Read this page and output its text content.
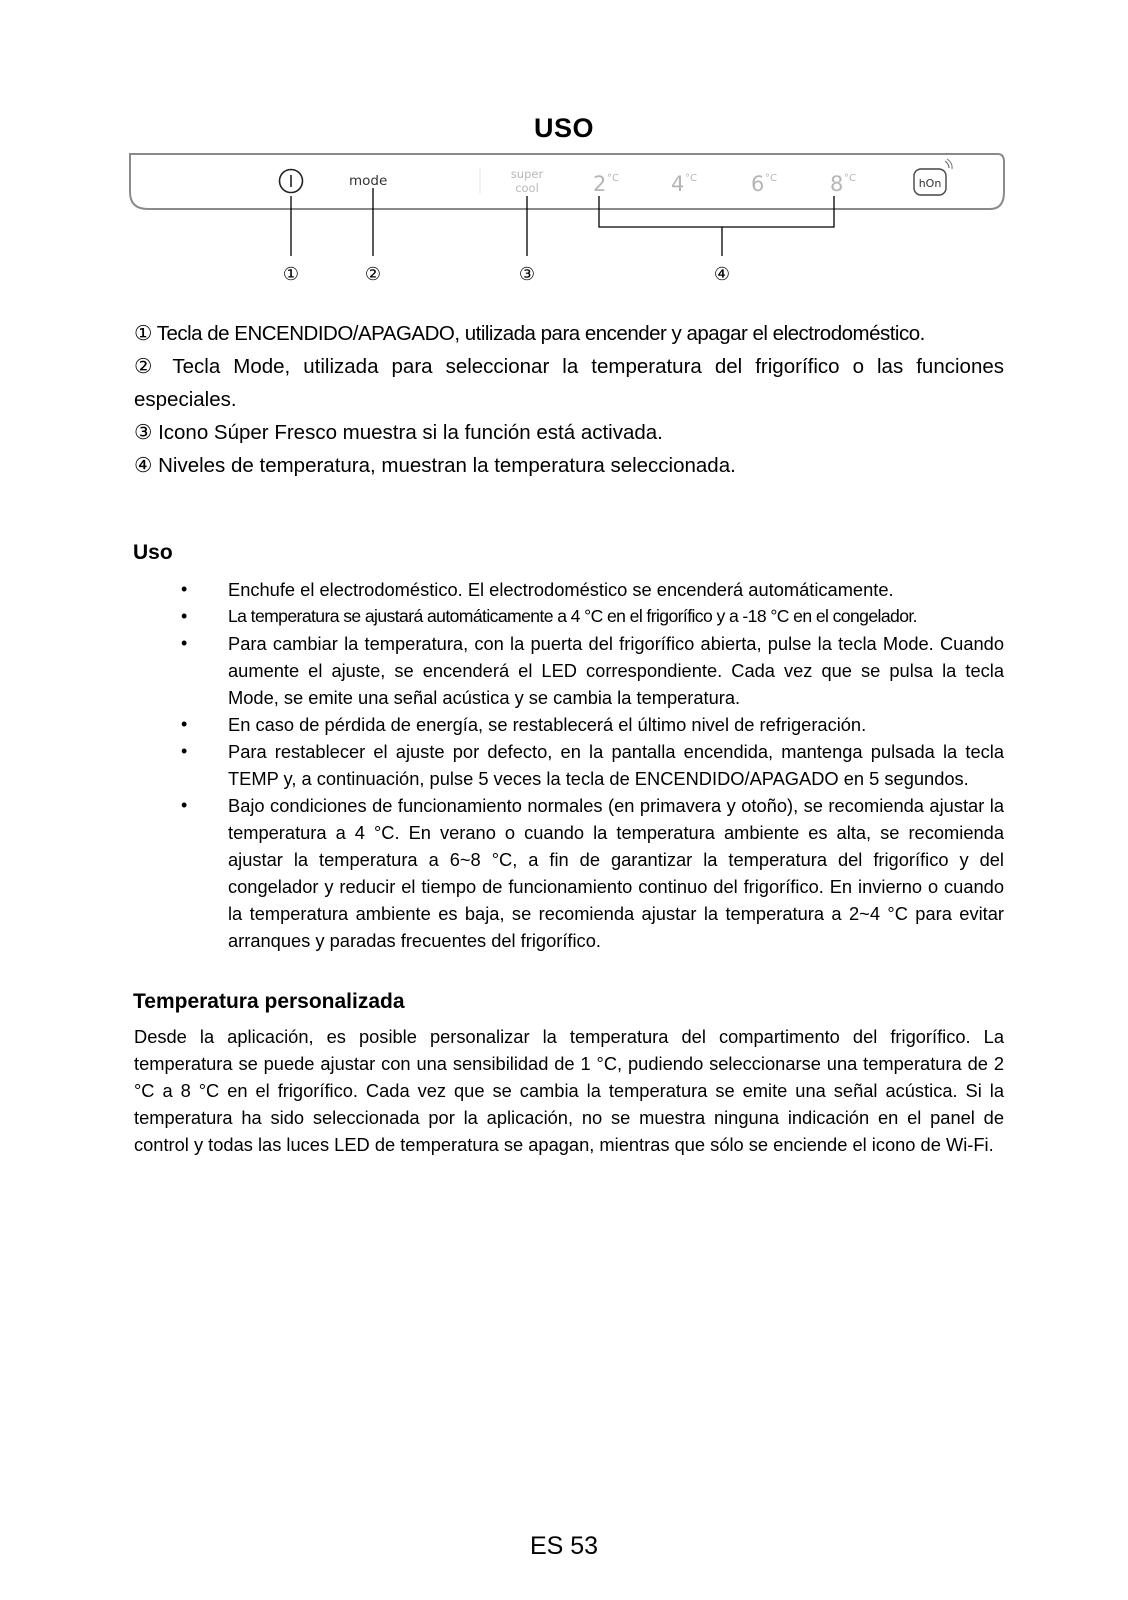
USO
mode	super
cool	2 °C 4 °C	6 °C	8 °C	hOn
①	②	③	④

① Tecla de ENCENDIDO/APAGADO, utilizada para encender y apagar el electrodoméstico.

② Tecla Mode, utilizada para seleccionar la temperatura del frigorífico o las funciones especiales.

③ Icono Súper Fresco muestra si la función está activada.

④ Niveles de temperatura, muestran la temperatura seleccionada.

Uso
• Enchufe el electrodoméstico. El electrodoméstico se encenderá automáticamente.
• La temperatura se ajustará automáticamente a 4 °C en el frigorífico y a -18 °C en el congelador.
• Para cambiar la temperatura, con la puerta del frigorífico abierta, pulse la tecla Mode. Cuando aumente el ajuste, se encenderá el LED correspondiente. Cada vez que se pulsa la tecla Mode, se emite una señal acústica y se cambia la temperatura.
• En caso de pérdida de energía, se restablecerá el último nivel de refrigeración.
• Para restablecer el ajuste por defecto, en la pantalla encendida, mantenga pulsada la tecla TEMP y, a continuación, pulse 5 veces la tecla de ENCENDIDO/APAGADO en 5 segundos.
• Bajo condiciones de funcionamiento normales (en primavera y otoño), se recomienda ajustar la temperatura a 4 °C. En verano o cuando la temperatura ambiente es alta, se recomienda ajustar la temperatura a 6~8 °C, a fin de garantizar la temperatura del frigorífico y del congelador y reducir el tiempo de funcionamiento continuo del frigorífico. En invierno o cuando la temperatura ambiente es baja, se recomienda ajustar la temperatura a 2~4 °C para evitar arranques y paradas frecuentes del frigorífico.
Temperatura personalizada

Desde la aplicación, es posible personalizar la temperatura del compartimento del frigorífico. La temperatura se puede ajustar con una sensibilidad de 1 °C, pudiendo seleccionarse una temperatura de 2 °C a 8 °C en el frigorífico. Cada vez que se cambia la temperatura se emite una señal acústica. Si la temperatura ha sido seleccionada por la aplicación, no se muestra ninguna indicación en el panel de control y todas las luces LED de temperatura se apagan, mientras que sólo se enciende el icono de Wi-Fi.

ES 53
